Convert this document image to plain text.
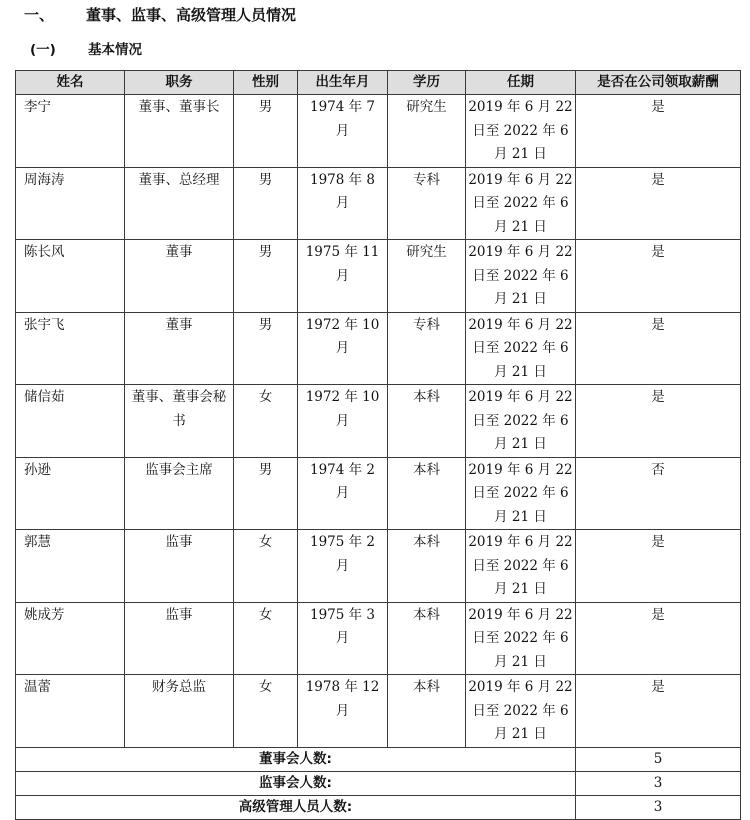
一、 董事、监事、高级管理人员情况
(一) 基本情况
姓名	职务	性别	出生年月	学历	任期	是否在公司领取薪酬
李宁	董事、董事长	男	1974 年 7 月	研究生	2019 年 6 月 22 日至 2022 年 6 月 21 日	是
周海涛	董事、总经理	男	1978 年 8 月	专科	2019 年 6 月 22 日至 2022 年 6 月 21 日	是
陈长风	董事	男	1975 年 11 月	研究生	2019 年 6 月 22 日至 2022 年 6 月 21 日	是
张宇飞	董事	男	1972 年 10 月	专科	2019 年 6 月 22 日至 2022 年 6 月 21 日	是
储信茹	董事、董事会秘书	女	1972 年 10 月	本科	2019 年 6 月 22 日至 2022 年 6 月 21 日	是
孙逊	监事会主席	男	1974 年 2 月	本科	2019 年 6 月 22 日至 2022 年 6 月 21 日	否
郭慧	监事	女	1975 年 2 月	本科	2019 年 6 月 22 日至 2022 年 6 月 21 日	是
姚成芳	监事	女	1975 年 3 月	本科	2019 年 6 月 22 日至 2022 年 6 月 21 日	是
温蕾	财务总监	女	1978 年 12 月	本科	2019 年 6 月 22 日至 2022 年 6 月 21 日	是
董事会人数:						5
监事会人数:						3
高级管理人员人数:						3
